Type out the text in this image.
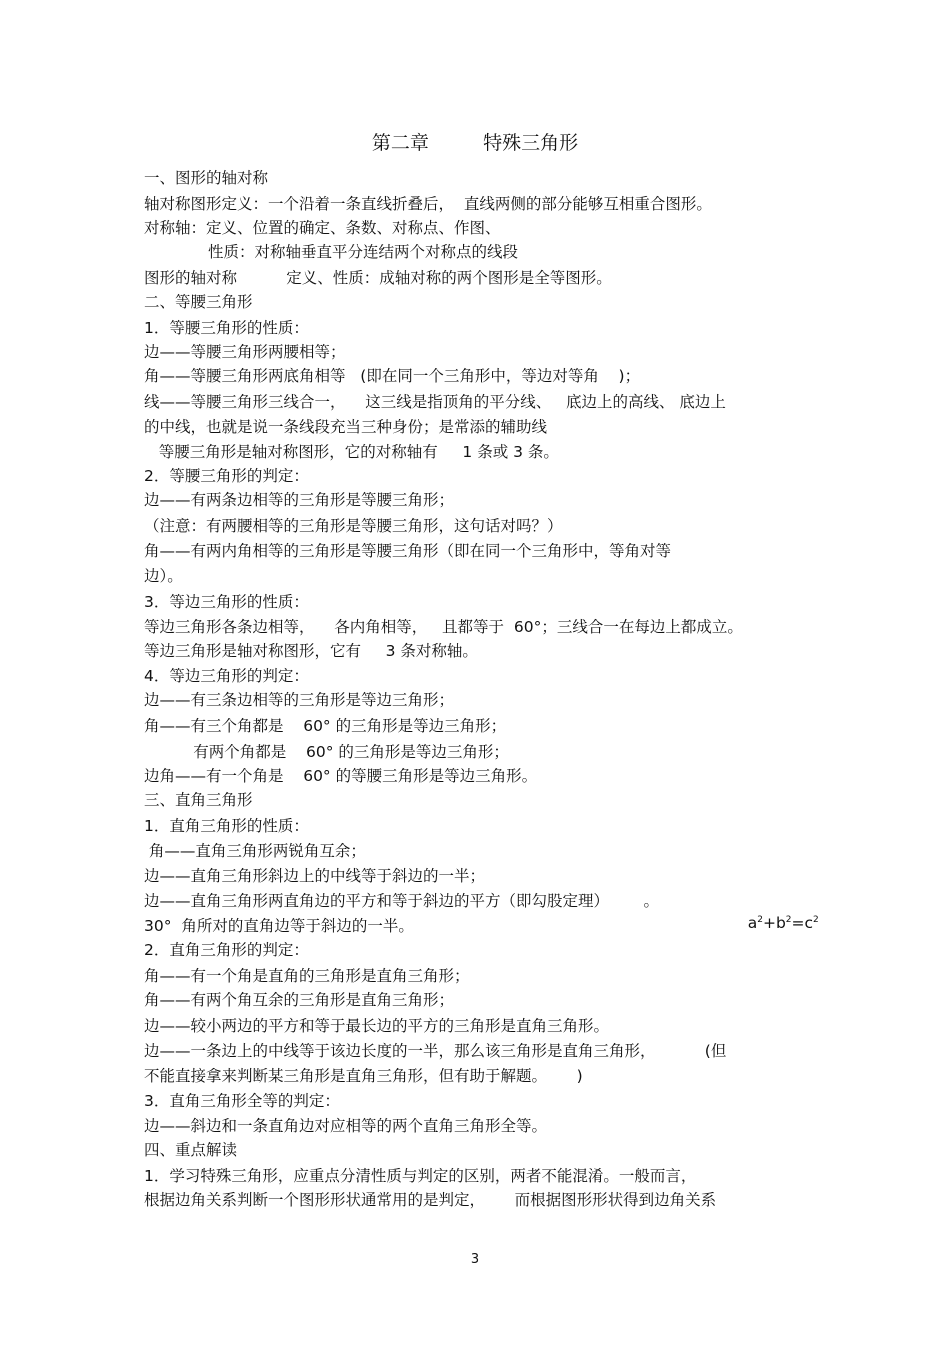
第二章         特殊三角形
一、图形的轴对称
轴对称图形定义：一个沿着一条直线折叠后，  直线两侧的部分能够互相重合图形。
对称轴：定义、位置的确定、条数、对称点、作图、
性质：对称轴垂直平分连结两个对称点的线段
图形的轴对称          定义、性质：成轴对称的两个图形是全等图形。
二、等腰三角形
1．等腰三角形的性质：
边——等腰三角形两腰相等；
角——等腰三角形两底角相等   (即在同一个三角形中，等边对等角    )；
线——等腰三角形三线合一，    这三线是指顶角的平分线、   底边上的高线、 底边上
的中线，也就是说一条线段充当三种身份；是常添的辅助线
等腰三角形是轴对称图形，它的对称轴有     1 条或 3 条。
2．等腰三角形的判定：
边——有两条边相等的三角形是等腰三角形；
（注意：有两腰相等的三角形是等腰三角形，这句话对吗？）
角——有两内角相等的三角形是等腰三角形（即在同一个三角形中，等角对等
边）。
3．等边三角形的性质：
等边三角形各条边相等，    各内角相等，   且都等于  60°；三线合一在每边上都成立。
等边三角形是轴对称图形，它有     3 条对称轴。
4．等边三角形的判定：
边——有三条边相等的三角形是等边三角形；
角——有三个角都是    60° 的三角形是等边三角形；
有两个角都是    60° 的三角形是等边三角形；
边角——有一个角是    60° 的等腰三角形是等边三角形。
三、直角三角形
1．直角三角形的性质：
角——直角三角形两锐角互余；
边——直角三角形斜边上的中线等于斜边的一半；
边——直角三角形两直角边的平方和等于斜边的平方（即勾股定理）       。
30°  角所对的直角边等于斜边的一半。
2．直角三角形的判定：
角——有一个角是直角的三角形是直角三角形；
角——有两个角互余的三角形是直角三角形；
边——较小两边的平方和等于最长边的平方的三角形是直角三角形。
边——一条边上的中线等于该边长度的一半，那么该三角形是直角三角形，          (但
不能直接拿来判断某三角形是直角三角形，但有助于解题。      )
3．直角三角形全等的判定：
边——斜边和一条直角边对应相等的两个直角三角形全等。
四、重点解读
1．学习特殊三角形，应重点分清性质与判定的区别，两者不能混淆。一般而言，
根据边角关系判断一个图形形状通常用的是判定，      而根据图形形状得到边角关系

$a^2+b^2=c^2$

3
